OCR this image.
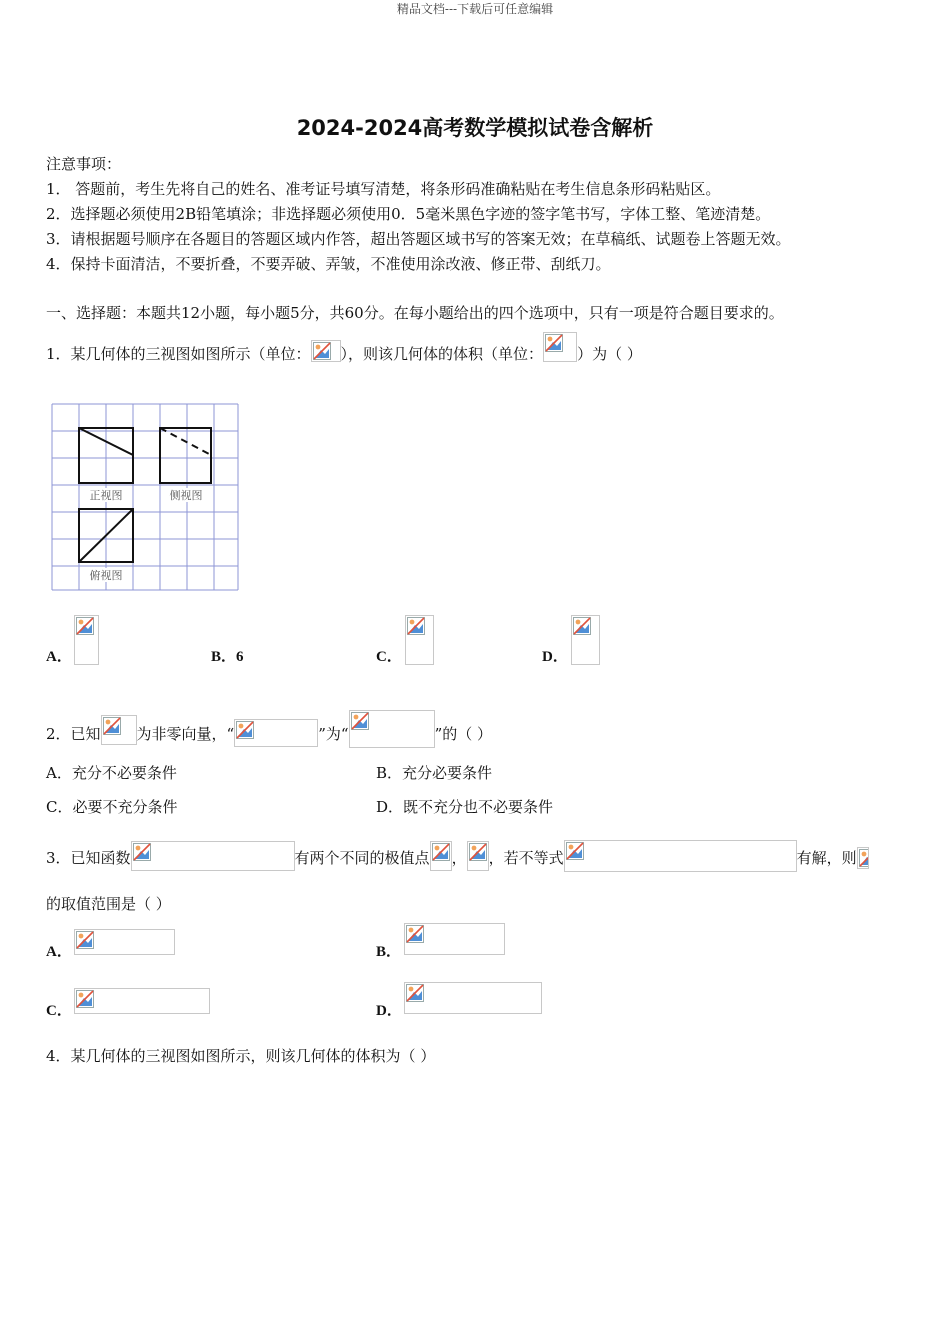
精品文档---下载后可任意编辑
2024-2024高考数学模拟试卷含解析
注意事项：
1． 答题前，考生先将自己的姓名、准考证号填写清楚，将条形码准确粘贴在考生信息条形码粘贴区。
2．选择题必须使用2B铅笔填涂；非选择题必须使用0．5毫米黑色字迹的签字笔书写，字体工整、笔迹清楚。
3．请根据题号顺序在各题目的答题区域内作答，超出答题区域书写的答案无效；在草稿纸、试题卷上答题无效。
4．保持卡面清洁，不要折叠，不要弄破、弄皱，不准使用涂改液、修正带、刮纸刀。
一、选择题：本题共12小题，每小题5分，共60分。在每小题给出的四个选项中，只有一项是符合题目要求的。
1．某几何体的三视图如图所示（单位： ），则该几何体的体积（单位： ）为（ ）
正视图	侧视图
俯视图
A．	B．6	C．	D．
2．已知 为非零向量，“	”为“	”的（ ）
A．充分不必要条件	B．充分必要条件
C．必要不充分条件	D．既不充分也不必要条件
3．已知函数	有两个不同的极值点 ， ，若不等式	有解，则
的取值范围是（ ）
A．	B．
C．	D．
4．某几何体的三视图如图所示，则该几何体的体积为（ ）
